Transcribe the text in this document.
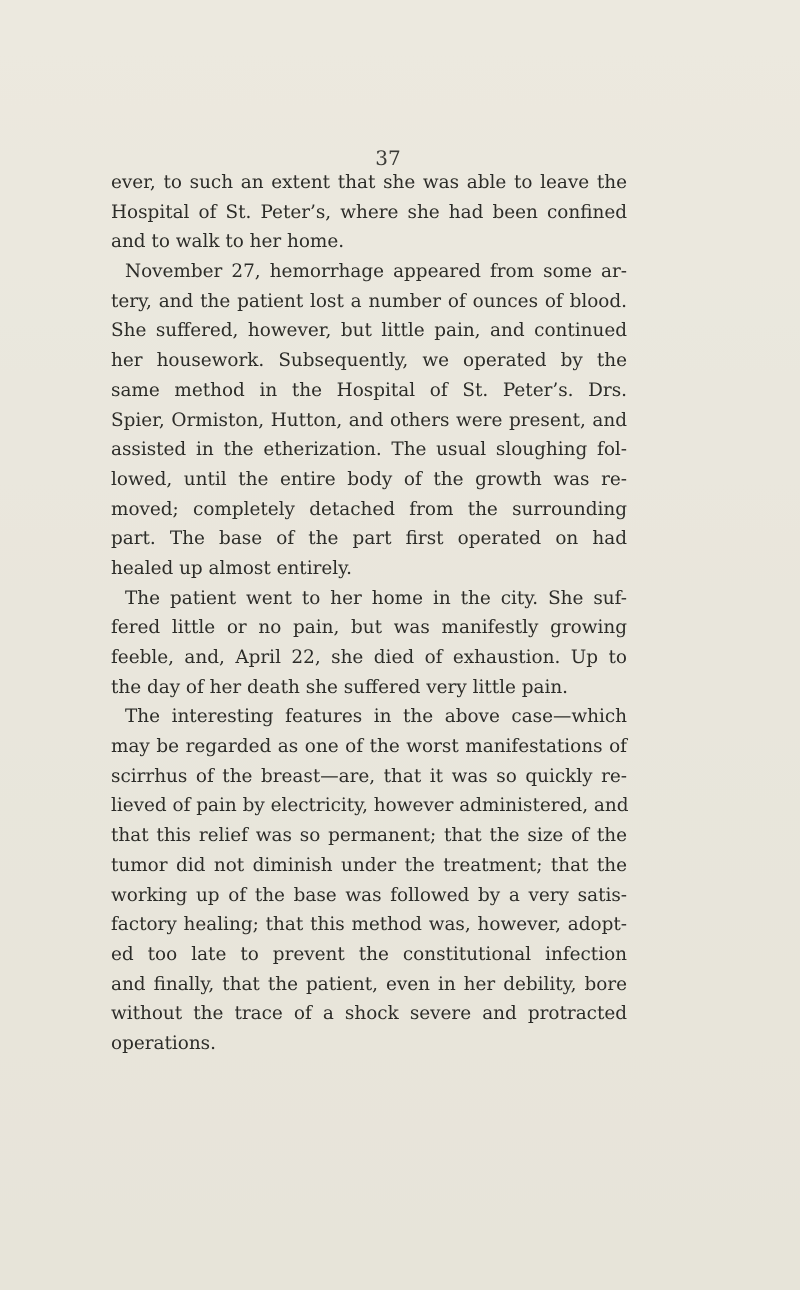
37
ever, to such an extent that she was able to leave the
Hospital of St. Peter’s, where she had been confined
and to walk to her home.
November 27, hemorrhage appeared from some ar-
tery, and the patient lost a number of ounces of blood.
She suffered, however, but little pain, and continued
her housework. Subsequently, we operated by the
same method in the Hospital of St. Peter’s. Drs.
Spier, Ormiston, Hutton, and others were present, and
assisted in the etherization. The usual sloughing fol-
lowed, until the entire body of the growth was re-
moved; completely detached from the surrounding
part. The base of the part first operated on had
healed up almost entirely.
The patient went to her home in the city. She suf-
fered little or no pain, but was manifestly growing
feeble, and, April 22, she died of exhaustion. Up to
the day of her death she suffered very little pain.
The interesting features in the above case—which
may be regarded as one of the worst manifestations of
scirrhus of the breast—are, that it was so quickly re-
lieved of pain by electricity, however administered, and
that this relief was so permanent; that the size of the
tumor did not diminish under the treatment; that the
working up of the base was followed by a very satis-
factory healing; that this method was, however, adopt-
ed too late to prevent the constitutional infection
and finally, that the patient, even in her debility, bore
without the trace of a shock severe and protracted
operations.
